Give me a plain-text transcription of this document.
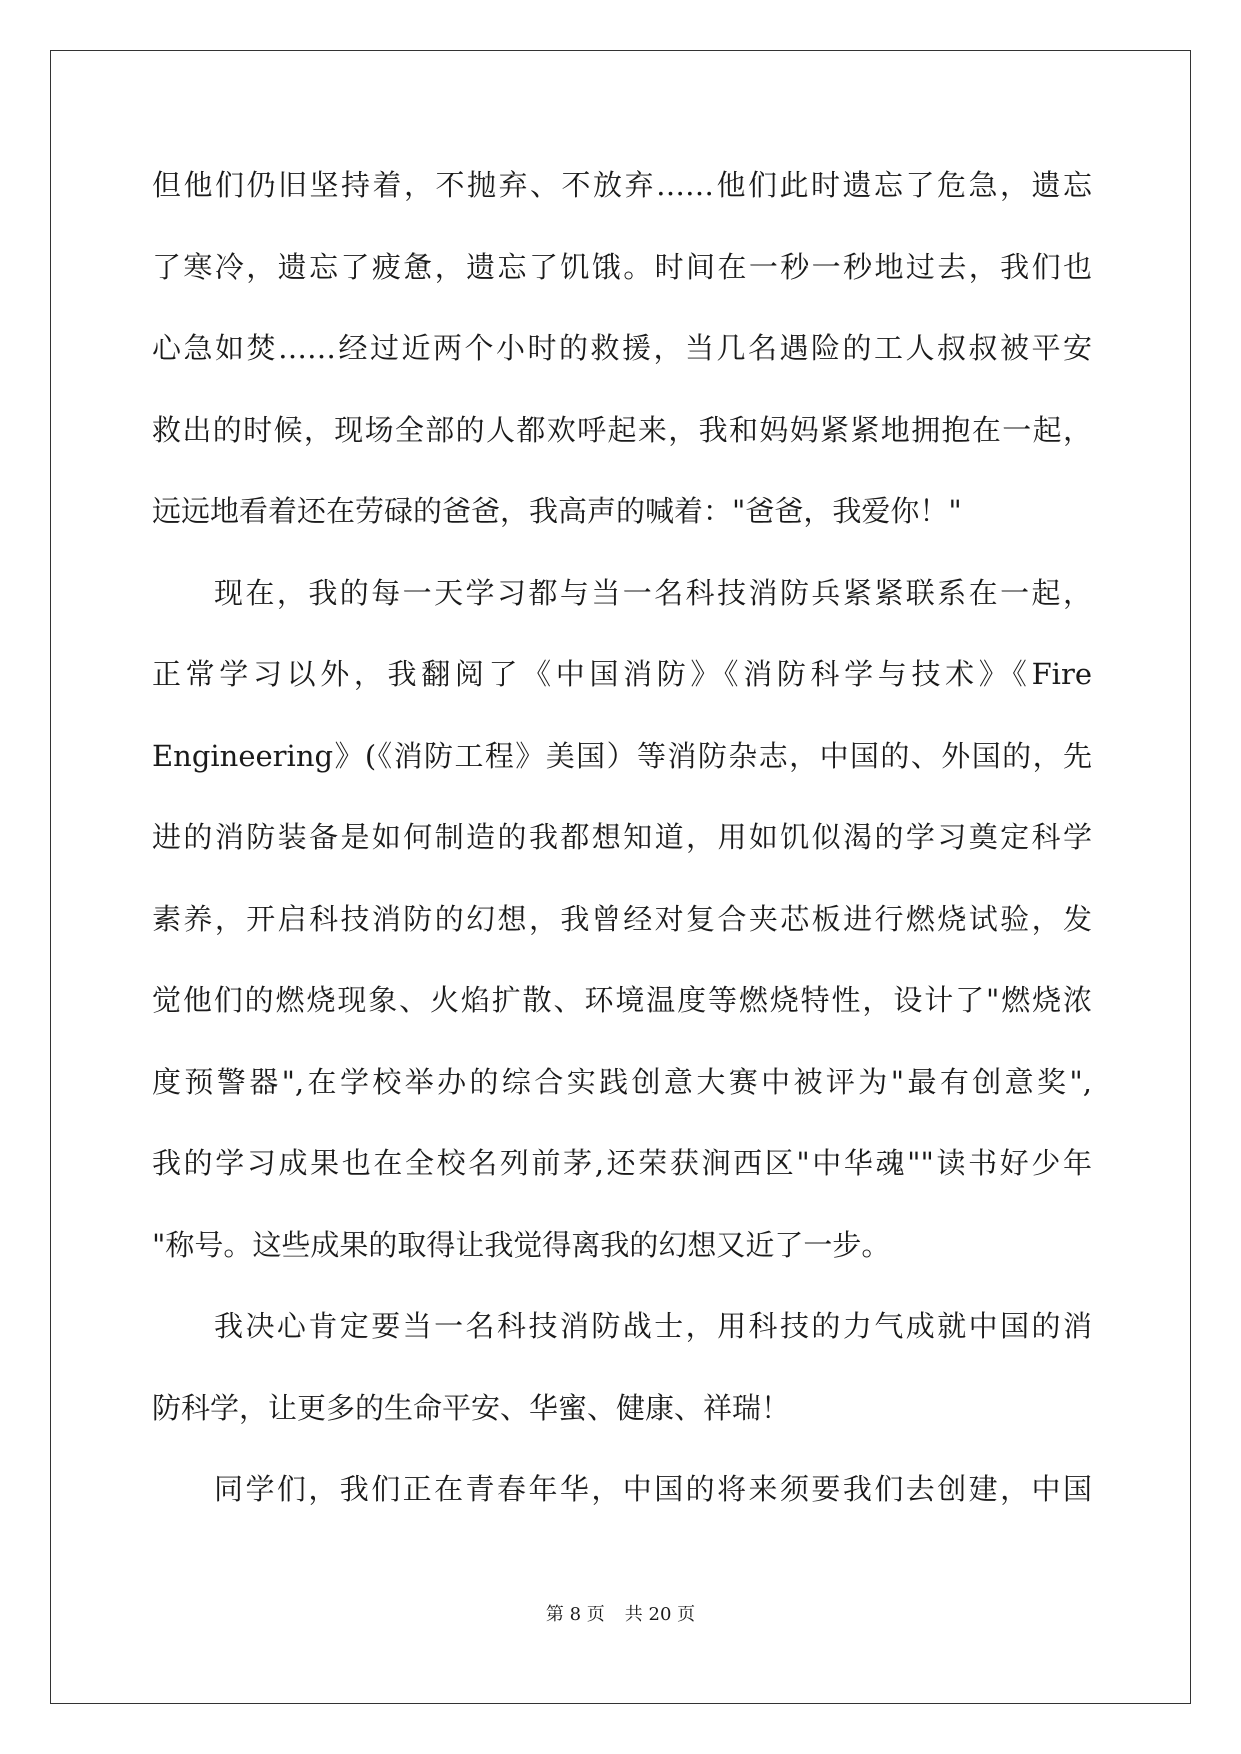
但他们仍旧坚持着，不抛弃、不放弃……他们此时遗忘了危急，遗忘
了寒冷，遗忘了疲惫，遗忘了饥饿。时间在一秒一秒地过去，我们也
心急如焚……经过近两个小时的救援，当几名遇险的工人叔叔被平安
救出的时候，现场全部的人都欢呼起来，我和妈妈紧紧地拥抱在一起，
远远地看着还在劳碌的爸爸，我高声的喊着："爸爸，我爱你！"
现在，我的每一天学习都与当一名科技消防兵紧紧联系在一起，
正常学习以外，我翻阅了《中国消防》《消防科学与技术》《Fire
Engineering》(《消防工程》美国）等消防杂志，中国的、外国的，先
进的消防装备是如何制造的我都想知道，用如饥似渴的学习奠定科学
素养，开启科技消防的幻想，我曾经对复合夹芯板进行燃烧试验，发
觉他们的燃烧现象、火焰扩散、环境温度等燃烧特性，设计了"燃烧浓
度预警器",在学校举办的综合实践创意大赛中被评为"最有创意奖",
我的学习成果也在全校名列前茅,还荣获涧西区"中华魂""读书好少年
"称号。这些成果的取得让我觉得离我的幻想又近了一步。
我决心肯定要当一名科技消防战士，用科技的力气成就中国的消
防科学，让更多的生命平安、华蜜、健康、祥瑞！
同学们，我们正在青春年华，中国的将来须要我们去创建，中国
第 8 页 共 20 页
